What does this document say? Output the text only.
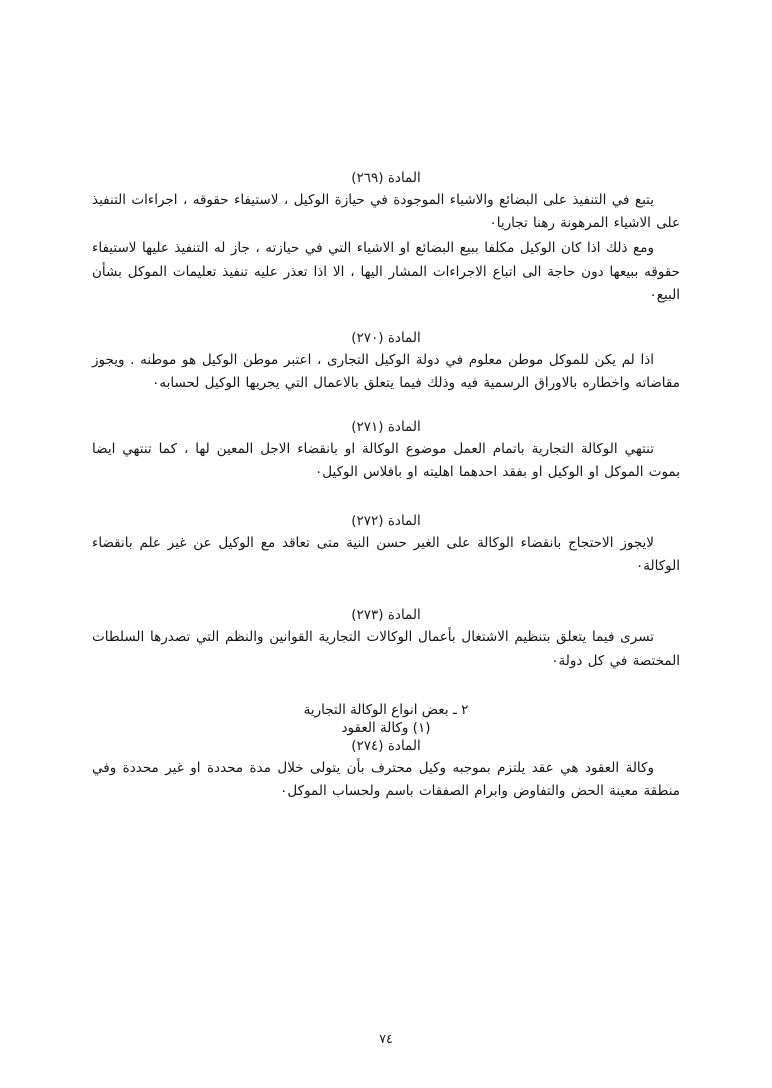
المادة (٢٦٩)

يتبع في التنفيذ على البضائع والاشياء الموجودة في حيازة الوكيل ، لاستيفاء حقوقه ، اجراءات التنفيذ على الاشياء المرهونة رهنا تجاريا٠

ومع ذلك اذا كان الوكيل مكلفا ببيع البضائع او الاشياء التي في حيازته ، جاز له التنفيذ عليها لاستيفاء حقوقه ببيعها دون حاجة الى اتباع الاجراءات المشار اليها ، الا اذا تعذر عليه تنفيذ تعليمات الموكل بشأن البيع٠

المادة (٢٧٠)

اذا لم يكن للموكل موطن معلوم في دولة الوكيل التجارى ، اعتبر موطن الوكيل هو موطنه . ويجوز مقاضاته واخطاره بالاوراق الرسمية فيه وذلك فيما يتعلق بالاعمال التي يجريها الوكيل لحسابه٠

المادة (٢٧١)

تنتهي الوكالة التجارية باتمام العمل موضوع الوكالة او بانقضاء الاجل المعين لها ، كما تنتهي ايضا بموت الموكل او الوكيل او بفقد احدهما اهليته او بافلاس الوكيل٠

المادة (٢٧٢)

لايجوز الاحتجاج بانقضاء الوكالة على الغير حسن النية متى تعاقد مع الوكيل عن غير علم بانقضاء الوكالة٠

المادة (٢٧٣)

تسرى فيما يتعلق بتنظيم الاشتغال بأعمال الوكالات التجارية القوانين والنظم التي تصدرها السلطات المختصة في كل دولة٠

٢ ـ بعض انواع الوكالة التجارية
(١) وكالة العقود
المادة (٢٧٤)

وكالة العقود هي عقد يلتزم بموجبه وكيل محترف بأن يتولى خلال مدة محددة او غير محددة وفي منطقة معينة الحض والتفاوض وابرام الصفقات باسم ولحساب الموكل٠

٧٤
